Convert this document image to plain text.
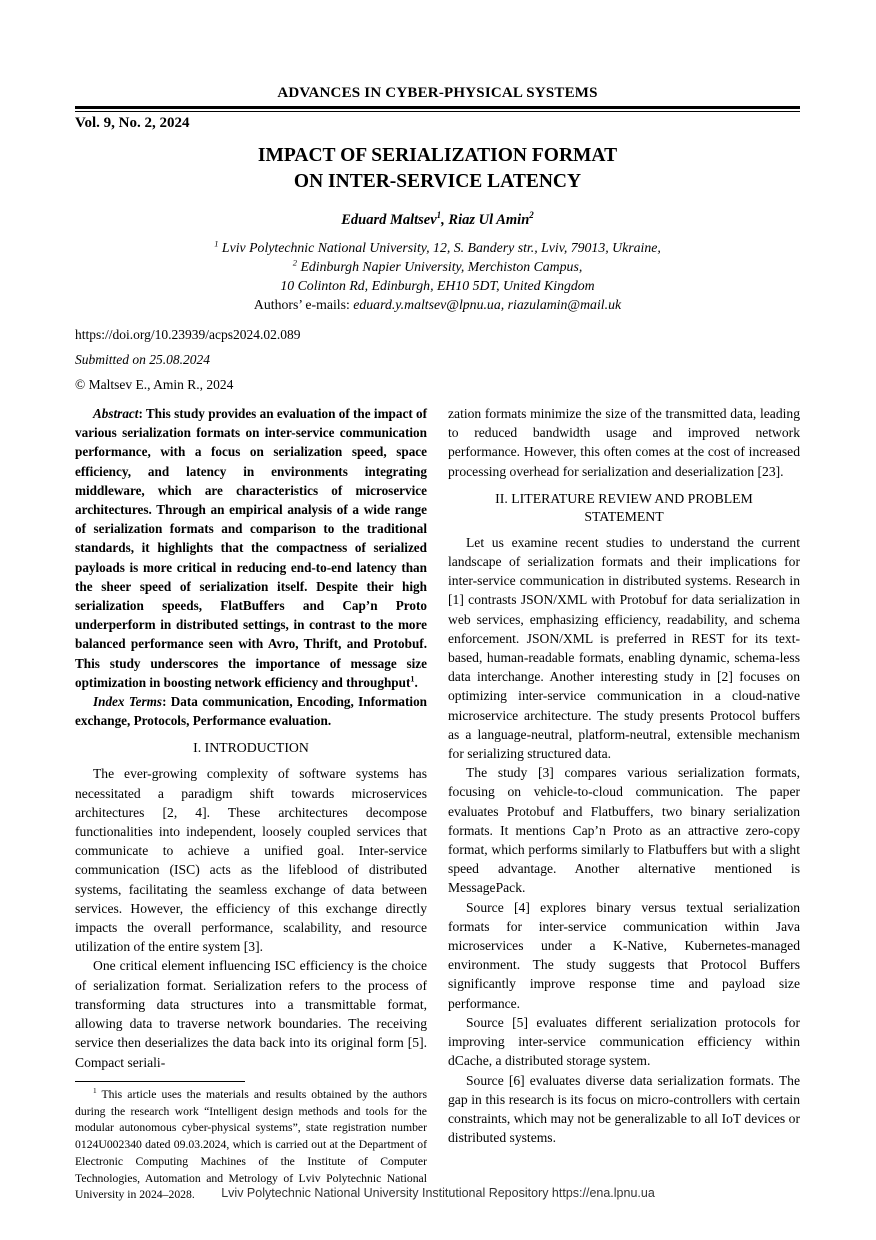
ADVANCES IN CYBER-PHYSICAL SYSTEMS
Vol. 9, No. 2, 2024
IMPACT OF SERIALIZATION FORMAT
ON INTER-SERVICE LATENCY
Eduard Maltsev$^1$, Riaz Ul Amin$^2$
$^1$ Lviv Polytechnic National University, 12, S. Bandery str., Lviv, 79013, Ukraine,
$^2$ Edinburgh Napier University, Merchiston Campus,
10 Colinton Rd, Edinburgh, EH10 5DT, United Kingdom
Authors’ e-mails: eduard.y.maltsev@lpnu.ua, riazulamin@mail.uk
https://doi.org/10.23939/acps2024.02.089
Submitted on 25.08.2024
© Maltsev E., Amin R., 2024

Abstract: This study provides an evaluation of the impact of various serialization formats on inter-service communication performance, with a focus on serialization speed, space efficiency, and latency in environments integrating middleware, which are characteristics of microservice architectures. Through an empirical analysis of a wide range of serialization formats and comparison to the traditional standards, it highlights that the compactness of serialized payloads is more critical in reducing end-to-end latency than the sheer speed of serialization itself. Despite their high serialization speeds, FlatBuffers and Cap’n Proto underperform in distributed settings, in contrast to the more balanced performance seen with Avro, Thrift, and Protobuf. This study underscores the importance of message size optimization in boosting network efficiency and throughput$^1$.

Index Terms: Data communication, Encoding, Information exchange, Protocols, Performance evaluation.

I. INTRODUCTION

The ever-growing complexity of software systems has necessitated a paradigm shift towards microservices architectures [2, 4]. These architectures decompose functionalities into independent, loosely coupled services that communicate to achieve a unified goal. Inter-service communication (ISC) acts as the lifeblood of distributed systems, facilitating the seamless exchange of data between services. However, the efficiency of this exchange directly impacts the overall performance, scalability, and resource utilization of the entire system [3].

One critical element influencing ISC efficiency is the choice of serialization format. Serialization refers to the process of transforming data structures into a transmittable format, allowing data to traverse network boundaries. The receiving service then deserializes the data back into its original form [5]. Compact seriali-

$^1$ This article uses the materials and results obtained by the authors during the research work “Intelligent design methods and tools for the modular autonomous cyber-physical systems”, state registration number 0124U002340 dated 09.03.2024, which is carried out at the Department of Electronic Computing Machines of the Institute of Computer Technologies, Automation and Metrology of Lviv Polytechnic National University in 2024–2028.

zation formats minimize the size of the transmitted data, leading to reduced bandwidth usage and improved network performance. However, this often comes at the cost of increased processing overhead for serialization and deserialization [23].

II. LITERATURE REVIEW AND PROBLEM
STATEMENT

Let us examine recent studies to understand the current landscape of serialization formats and their implications for inter-service communication in distributed systems. Research in [1] contrasts JSON/XML with Protobuf for data serialization in web services, emphasizing efficiency, readability, and schema enforcement. JSON/XML is preferred in REST for its text-based, human-readable formats, enabling dynamic, schema-less data interchange. Another interesting study in [2] focuses on optimizing inter-service communication in a cloud-native microservice architecture. The study presents Protocol buffers as a language-neutral, platform-neutral, extensible mechanism for serializing structured data.

The study [3] compares various serialization formats, focusing on vehicle-to-cloud communication. The paper evaluates Protobuf and Flatbuffers, two binary serialization formats. It mentions Cap’n Proto as an attractive zero-copy format, which performs similarly to Flatbuffers but with a slight speed advantage. Another alternative mentioned is MessagePack.

Source [4] explores binary versus textual serialization formats for inter-service communication within Java microservices under a K-Native, Kubernetes-managed environment. The study suggests that Protocol Buffers significantly improve response time and payload size performance.

Source [5] evaluates different serialization protocols for improving inter-service communication efficiency within dCache, a distributed storage system.

Source [6] evaluates diverse data serialization formats. The gap in this research is its focus on micro-controllers with certain constraints, which may not be generalizable to all IoT devices or distributed systems.

Lviv Polytechnic National University Institutional Repository https://ena.lpnu.ua
